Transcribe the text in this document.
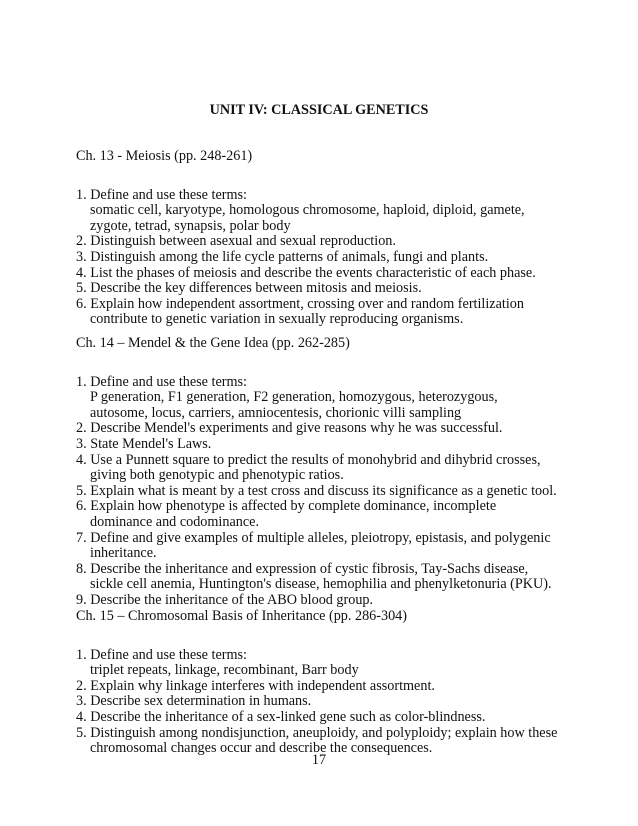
UNIT IV: CLASSICAL GENETICS
Ch. 13 - Meiosis (pp. 248-261)
1. Define and use these terms:
somatic cell, karyotype, homologous chromosome, haploid, diploid, gamete,
zygote, tetrad, synapsis, polar body
2. Distinguish between asexual and sexual reproduction.
3. Distinguish among the life cycle patterns of animals, fungi and plants.
4. List the phases of meiosis and describe the events characteristic of each phase.
5. Describe the key differences between mitosis and meiosis.
6. Explain how independent assortment, crossing over and random fertilization
contribute to genetic variation in sexually reproducing organisms.
Ch. 14 – Mendel & the Gene Idea (pp. 262-285)
1. Define and use these terms:
P generation, F1 generation, F2 generation, homozygous, heterozygous,
autosome, locus, carriers, amniocentesis, chorionic villi sampling
2. Describe Mendel's experiments and give reasons why he was successful.
3. State Mendel's Laws.
4. Use a Punnett square to predict the results of monohybrid and dihybrid crosses,
giving both genotypic and phenotypic ratios.
5. Explain what is meant by a test cross and discuss its significance as a genetic tool.
6. Explain how phenotype is affected by complete dominance, incomplete
dominance and codominance.
7. Define and give examples of multiple alleles, pleiotropy, epistasis, and polygenic
inheritance.
8. Describe the inheritance and expression of cystic fibrosis, Tay-Sachs disease,
sickle cell anemia, Huntington's disease, hemophilia and phenylketonuria (PKU).
9. Describe the inheritance of the ABO blood group.
Ch. 15 – Chromosomal Basis of Inheritance (pp. 286-304)
1. Define and use these terms:
triplet repeats, linkage, recombinant, Barr body
2. Explain why linkage interferes with independent assortment.
3. Describe sex determination in humans.
4. Describe the inheritance of a sex-linked gene such as color-blindness.
5. Distinguish among nondisjunction, aneuploidy, and polyploidy; explain how these
chromosomal changes occur and describe the consequences.
17
